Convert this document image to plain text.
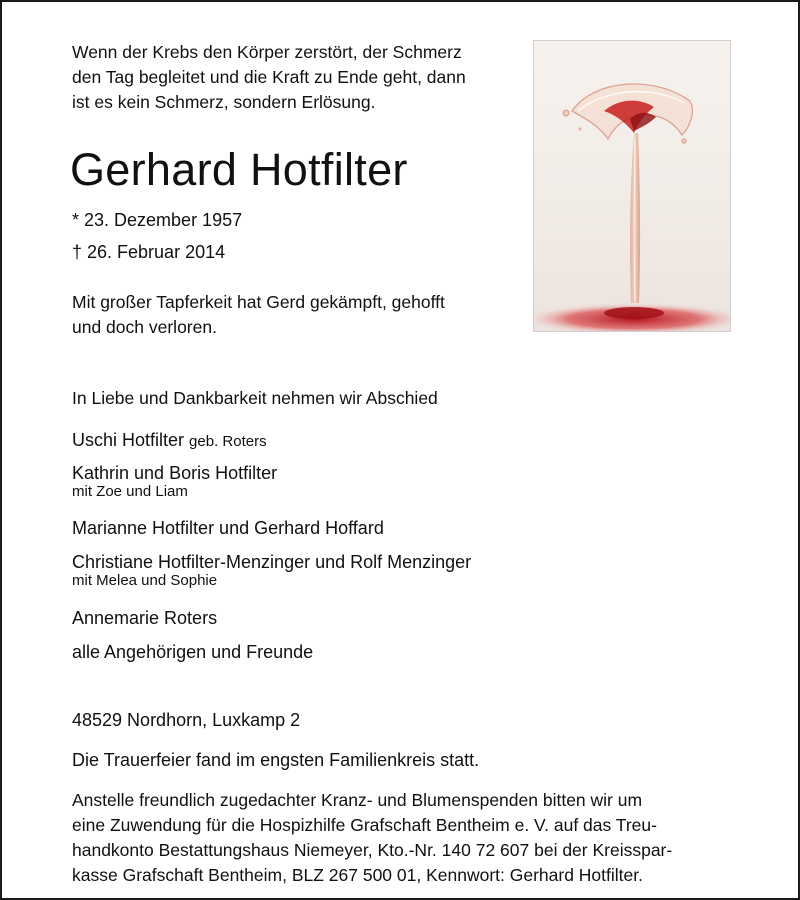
Wenn der Krebs den Körper zerstört, der Schmerz
den Tag begleitet und die Kraft zu Ende geht, dann
ist es kein Schmerz, sondern Erlösung.
Gerhard Hotfilter
* 23. Dezember 1957
† 26. Februar 2014
Mit großer Tapferkeit hat Gerd gekämpft, gehofft
und doch verloren.
In Liebe und Dankbarkeit nehmen wir Abschied
Uschi Hotfilter geb. Roters
Kathrin und Boris Hotfilter
mit Zoe und Liam
Marianne Hotfilter und Gerhard Hoffard
Christiane Hotfilter-Menzinger und Rolf Menzinger
mit Melea und Sophie
Annemarie Roters
alle Angehörigen und Freunde
48529 Nordhorn, Luxkamp 2
Die Trauerfeier fand im engsten Familienkreis statt.
Anstelle freundlich zugedachter Kranz- und Blumenspenden bitten wir um
eine Zuwendung für die Hospizhilfe Grafschaft Bentheim e. V. auf das Treu-
handkonto Bestattungshaus Niemeyer, Kto.-Nr. 140 72 607 bei der Kreisspar-
kasse Grafschaft Bentheim, BLZ 267 500 01, Kennwort: Gerhard Hotfilter.
